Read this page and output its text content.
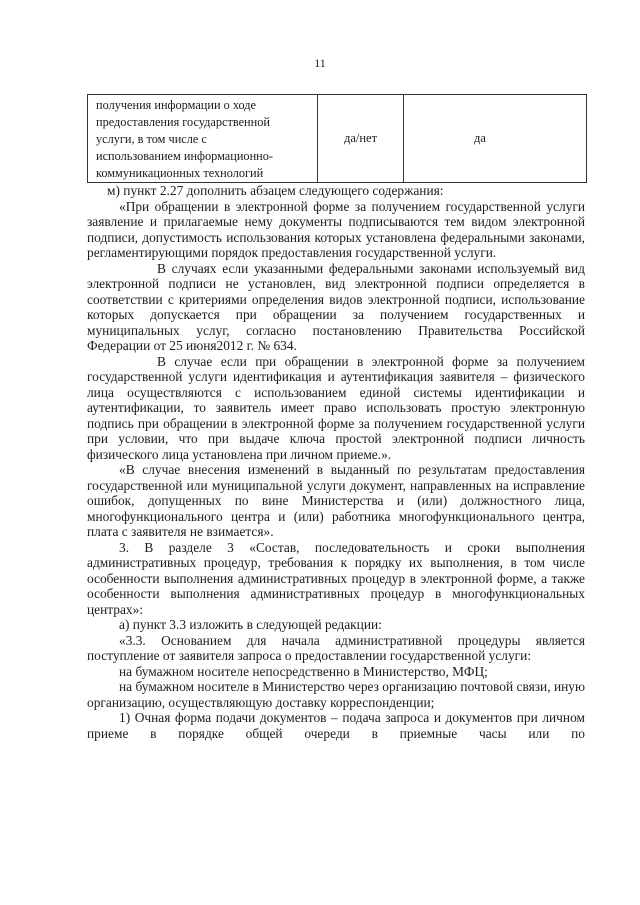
11
получения информации о ходе
предоставления государственной
услуги, в том числе с
использованием информационно-
коммуникационных технологий
да/нет	да

м) пункт 2.27 дополнить абзацем следующего содержания:

«При обращении в электронной форме за получением государственной услуги заявление и прилагаемые нему документы подписываются тем видом электронной подписи, допустимость использования которых установлена федеральными законами, регламентирующими порядок предоставления государственной услуги.

В случаях если указанными федеральными законами используемый вид электронной подписи не установлен, вид электронной подписи определяется в соответствии с критериями определения видов электронной подписи, использование которых допускается при обращении за получением государственных и муниципальных услуг, согласно постановлению Правительства Российской Федерации от 25 июня2012 г. № 634.

В случае если при обращении в электронной форме за получением государственной услуги идентификация и аутентификация заявителя – физического лица осуществляются с использованием единой системы идентификации и аутентификации, то заявитель имеет право использовать простую электронную подпись при обращении в электронной форме за получением государственной услуги при условии, что при выдаче ключа простой электронной подписи личность физического лица установлена при личном приеме.».

«В случае внесения изменений в выданный по результатам предоставления государственной или муниципальной услуги документ, направленных на исправление ошибок, допущенных по вине Министерства и (или) должностного лица, многофункционального центра и (или) работника многофункционального центра, плата с заявителя не взимается».

3. В разделе 3 «Состав, последовательность и сроки выполнения административных процедур, требования к порядку их выполнения, в том числе особенности выполнения административных процедур в электронной форме, а также особенности выполнения административных процедур в многофункциональных центрах»:

а) пункт 3.3 изложить в следующей редакции:

«3.3. Основанием для начала административной процедуры является поступление от заявителя запроса о предоставлении государственной услуги:

на бумажном носителе непосредственно в Министерство, МФЦ;

на бумажном носителе в Министерство через организацию почтовой связи, иную организацию, осуществляющую доставку корреспонденции;

1) Очная форма подачи документов – подача запроса и документов при личном приеме в порядке общей очереди в приемные часы или по
